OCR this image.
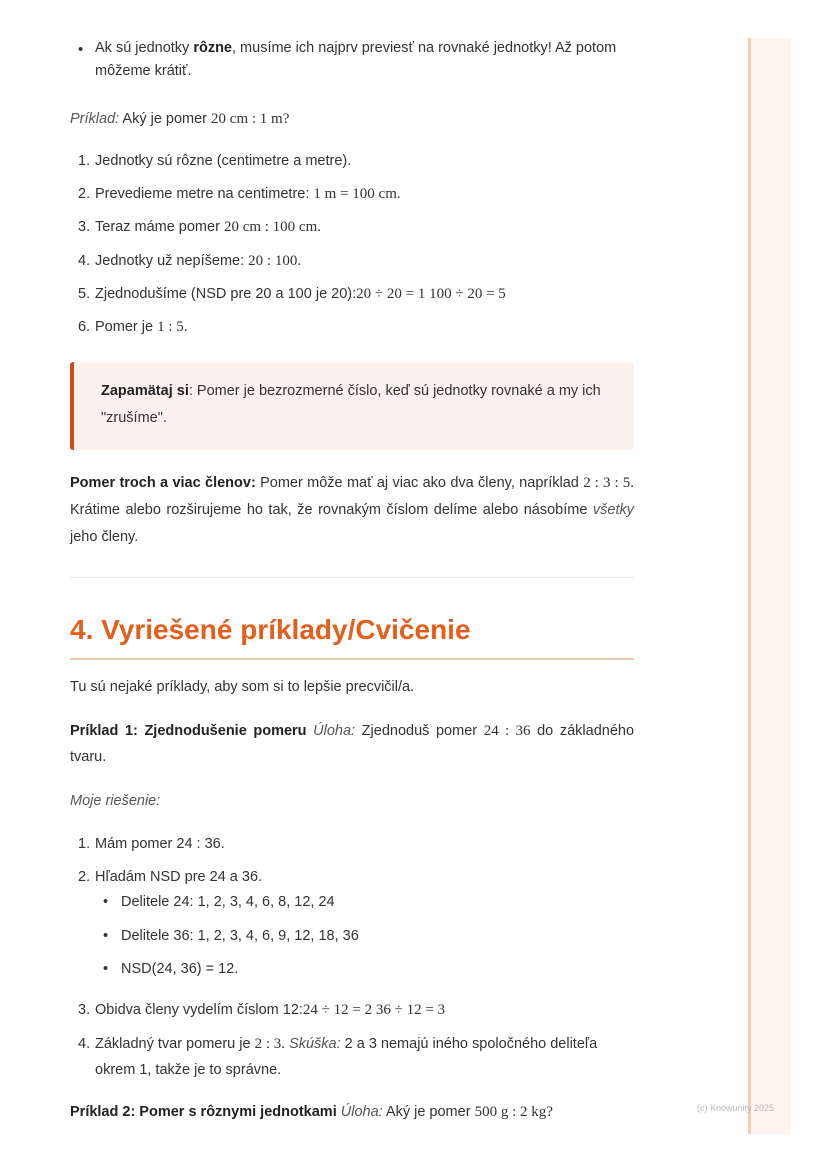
• Ak sú jednotky rôzne, musíme ich najprv previesť na rovnaké jednotky! Až potom môžeme krátiť.
Príklad: Aký je pomer 20 cm : 1 m?
1. Jednotky sú rôzne (centimetre a metre).
2. Prevedieme metre na centimetre: 1 m = 100 cm.
3. Teraz máme pomer 20 cm : 100 cm.
4. Jednotky už nepíšeme: 20 : 100.
5. Zjednodušíme (NSD pre 20 a 100 je 20):20 ÷ 20 = 1 100 ÷ 20 = 5
6. Pomer je 1 : 5.
Zapamätaj si: Pomer je bezrozmerné číslo, keď sú jednotky rovnaké a my ich "zrušíme".
Pomer troch a viac členov: Pomer môže mať aj viac ako dva členy, napríklad 2 : 3 : 5. Krátime alebo rozširujeme ho tak, že rovnakým číslom delíme alebo násobíme všetky jeho členy.
4. Vyriešené príklady/Cvičenie
Tu sú nejaké príklady, aby som si to lepšie precvičil/a.
Príklad 1: Zjednodušenie pomeru Úloha: Zjednoduš pomer 24 : 36 do základného tvaru.
Moje riešenie:
1. Mám pomer 24 : 36.
2. Hľadám NSD pre 24 a 36.
• Delitele 24: 1, 2, 3, 4, 6, 8, 12, 24
• Delitele 36: 1, 2, 3, 4, 6, 9, 12, 18, 36
• NSD(24, 36) = 12.
3. Obidva členy vydelím číslom 12:24 ÷ 12 = 2 36 ÷ 12 = 3
4. Základný tvar pomeru je 2 : 3. Skúška: 2 a 3 nemajú iného spoločného deliteľa okrem 1, takže je to správne.
Príklad 2: Pomer s rôznymi jednotkami Úloha: Aký je pomer 500 g : 2 kg?	(c) Knowunity 2025
